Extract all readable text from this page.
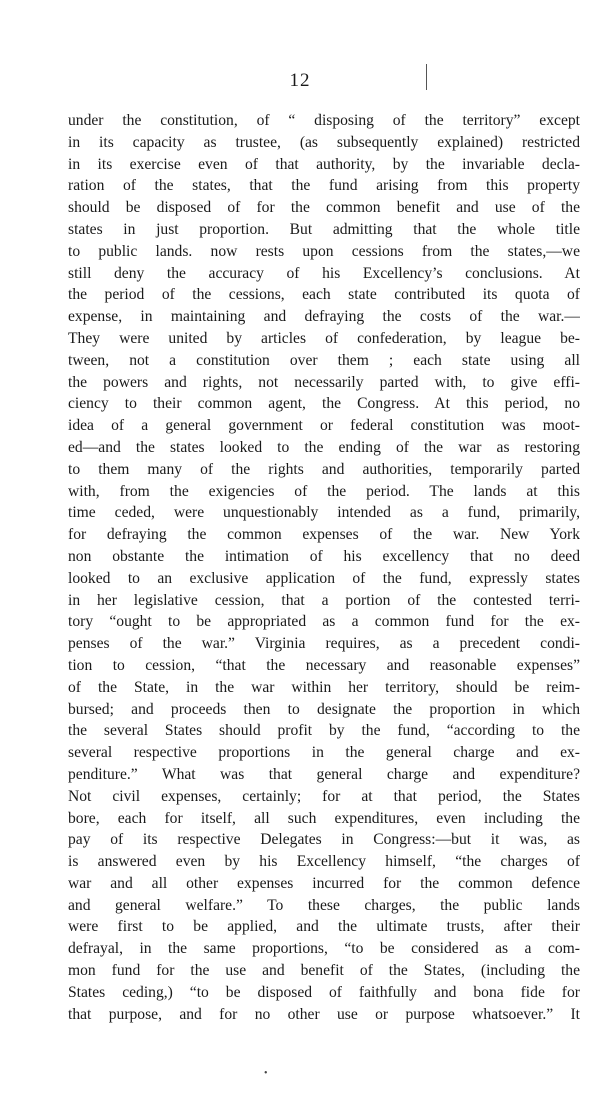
12
under the constitution, of “ disposing of the territory” except
in its capacity as trustee, (as subsequently explained) restricted
in its exercise even of that authority, by the invariable decla-
ration of the states, that the fund arising from this property
should be disposed of for the common benefit and use of the
states in just proportion. But admitting that the whole title
to public lands. now rests upon cessions from the states,—we
still deny the accuracy of his Excellency’s conclusions. At
the period of the cessions, each state contributed its quota of
expense, in maintaining and defraying the costs of the war.—
They were united by articles of confederation, by league be-
tween, not a constitution over them ; each state using all
the powers and rights, not necessarily parted with, to give effi-
ciency to their common agent, the Congress. At this period, no
idea of a general government or federal constitution was moot-
ed—and the states looked to the ending of the war as restoring
to them many of the rights and authorities, temporarily parted
with, from the exigencies of the period. The lands at this
time ceded, were unquestionably intended as a fund, primarily,
for defraying the common expenses of the war. New York
non obstante the intimation of his excellency that no deed
looked to an exclusive application of the fund, expressly states
in her legislative cession, that a portion of the contested terri-
tory “ought to be appropriated as a common fund for the ex-
penses of the war.” Virginia requires, as a precedent condi-
tion to cession, “that the necessary and reasonable expenses”
of the State, in the war within her territory, should be reim-
bursed; and proceeds then to designate the proportion in which
the several States should profit by the fund, “according to the
several respective proportions in the general charge and ex-
penditure.” What was that general charge and expenditure?
Not civil expenses, certainly; for at that period, the States
bore, each for itself, all such expenditures, even including the
pay of its respective Delegates in Congress:—but it was, as
is answered even by his Excellency himself, “the charges of
war and all other expenses incurred for the common defence
and general welfare.” To these charges, the public lands
were first to be applied, and the ultimate trusts, after their
defrayal, in the same proportions, “to be considered as a com-
mon fund for the use and benefit of the States, (including the
States ceding,) “to be disposed of faithfully and bona fide for
that purpose, and for no other use or purpose whatsoever.” It
•
